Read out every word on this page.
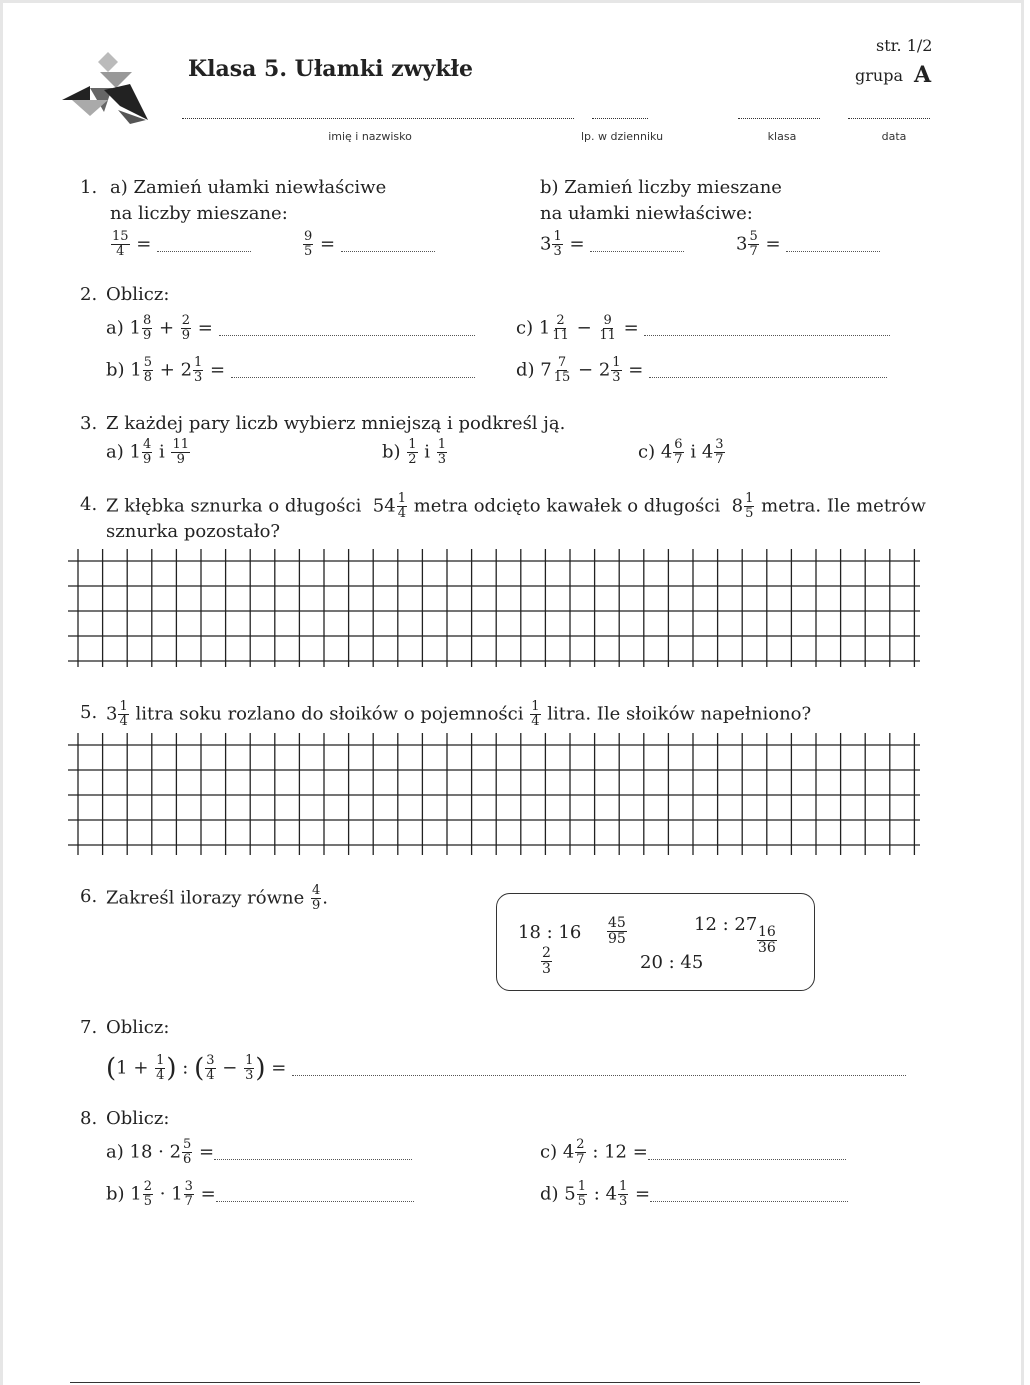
Klasa 5. Ułamki zwykłe
str. 1/2
grupa A
imię i nazwisko	lp. w dzienniku	klasa	data
1. a) Zamień ułamki niewłaściwe
na liczby mieszane:
b) Zamień liczby mieszane
na ułamki niewłaściwe:
$\frac{15}{4}$ =	$\frac{9}{5}$ =	$3 \frac{1}{3}$ =	$3 \frac{5}{7}$ =
2. Oblicz:
a) $1 \frac{8}{9} + \frac{2}{9}$ =
b) $1 \frac{5}{8} + 2 \frac{1}{3}$ =
c) $1 \frac{2}{11} - \frac{9}{11}$ =
d) $7 \frac{7}{15} - 2 \frac{1}{3}$ =
3. Z każdej pary liczb wybierz mniejszą i podkreśl ją.
a) $1 \frac{4}{9}$ i $\frac{11}{9}$	$b) \frac{1}{2}$ i $\frac{1}{3}$	c) $4 \frac{6}{7}$ i $4 \frac{3}{7}$
4. Z kłębka sznurka o długości $54 \frac{1}{4}$ metra odcięto kawałek o długości $8 \frac{1}{5}$ metra. Ile metrów
sznurka pozostało?
5. $3 \frac{1}{4}$ litra soku rozlano do słoików o pojemności $\frac{1}{4}$ litra. Ile słoików napełniono?
6. Zakreśl ilorazy równe $\frac{4}{9}$ .
18 : $16 \frac{45}{95}$	12 : 27
$\frac{16}{36}$
$\frac{2}{3}$	20 : 45
7. Oblicz:
($1 + \frac{1}{4}$ ) : ( $\frac{3}{4} - \frac{1}{3}$ ) =
8. Oblicz:
a) $18 \cdot 2 \frac{5}{6}$ =
b) $1 \frac{2}{5} \cdot 1 \frac{3}{7}$ =
c) $4 \frac{2}{7}$ : 12 =
d) $5 \frac{1}{5}$ : $4 \frac{1}{3}$ =
